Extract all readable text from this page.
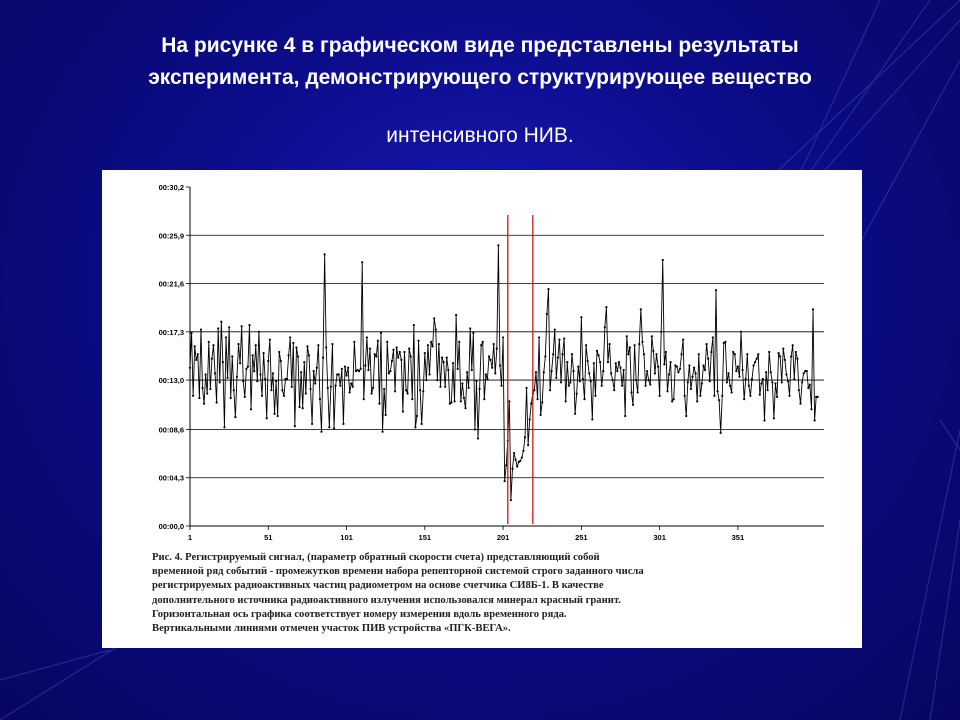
На рисунке 4 в графическом виде представлены результаты
эксперимента, демонстрирующего структурирующее вещество
интенсивного НИВ.
00:00,0
00:04,3
00:08,6
00:13,0
00:17,3
00:21,6
00:25,9
00:30,2
1	51	101	151	201	251	301	351
Рис. 4. Регистрируемый сигнал, (параметр обратный скорости счета) представляющий собой
временной ряд событий - промежутков времени набора репепторной системой строго заданного числа
регистрируемых радиоактивных частиц радиометром на основе счетчика СИ8Б-1. В качестве
дополнительного источника радиоактивного излучения использовался минерал красный гранит.
Горизонтальная ось графика соответствует номеру измерения вдоль временного ряда.
Вертикальными линиями отмечен участок ПИВ устройства «ПГК-ВЕГА».
